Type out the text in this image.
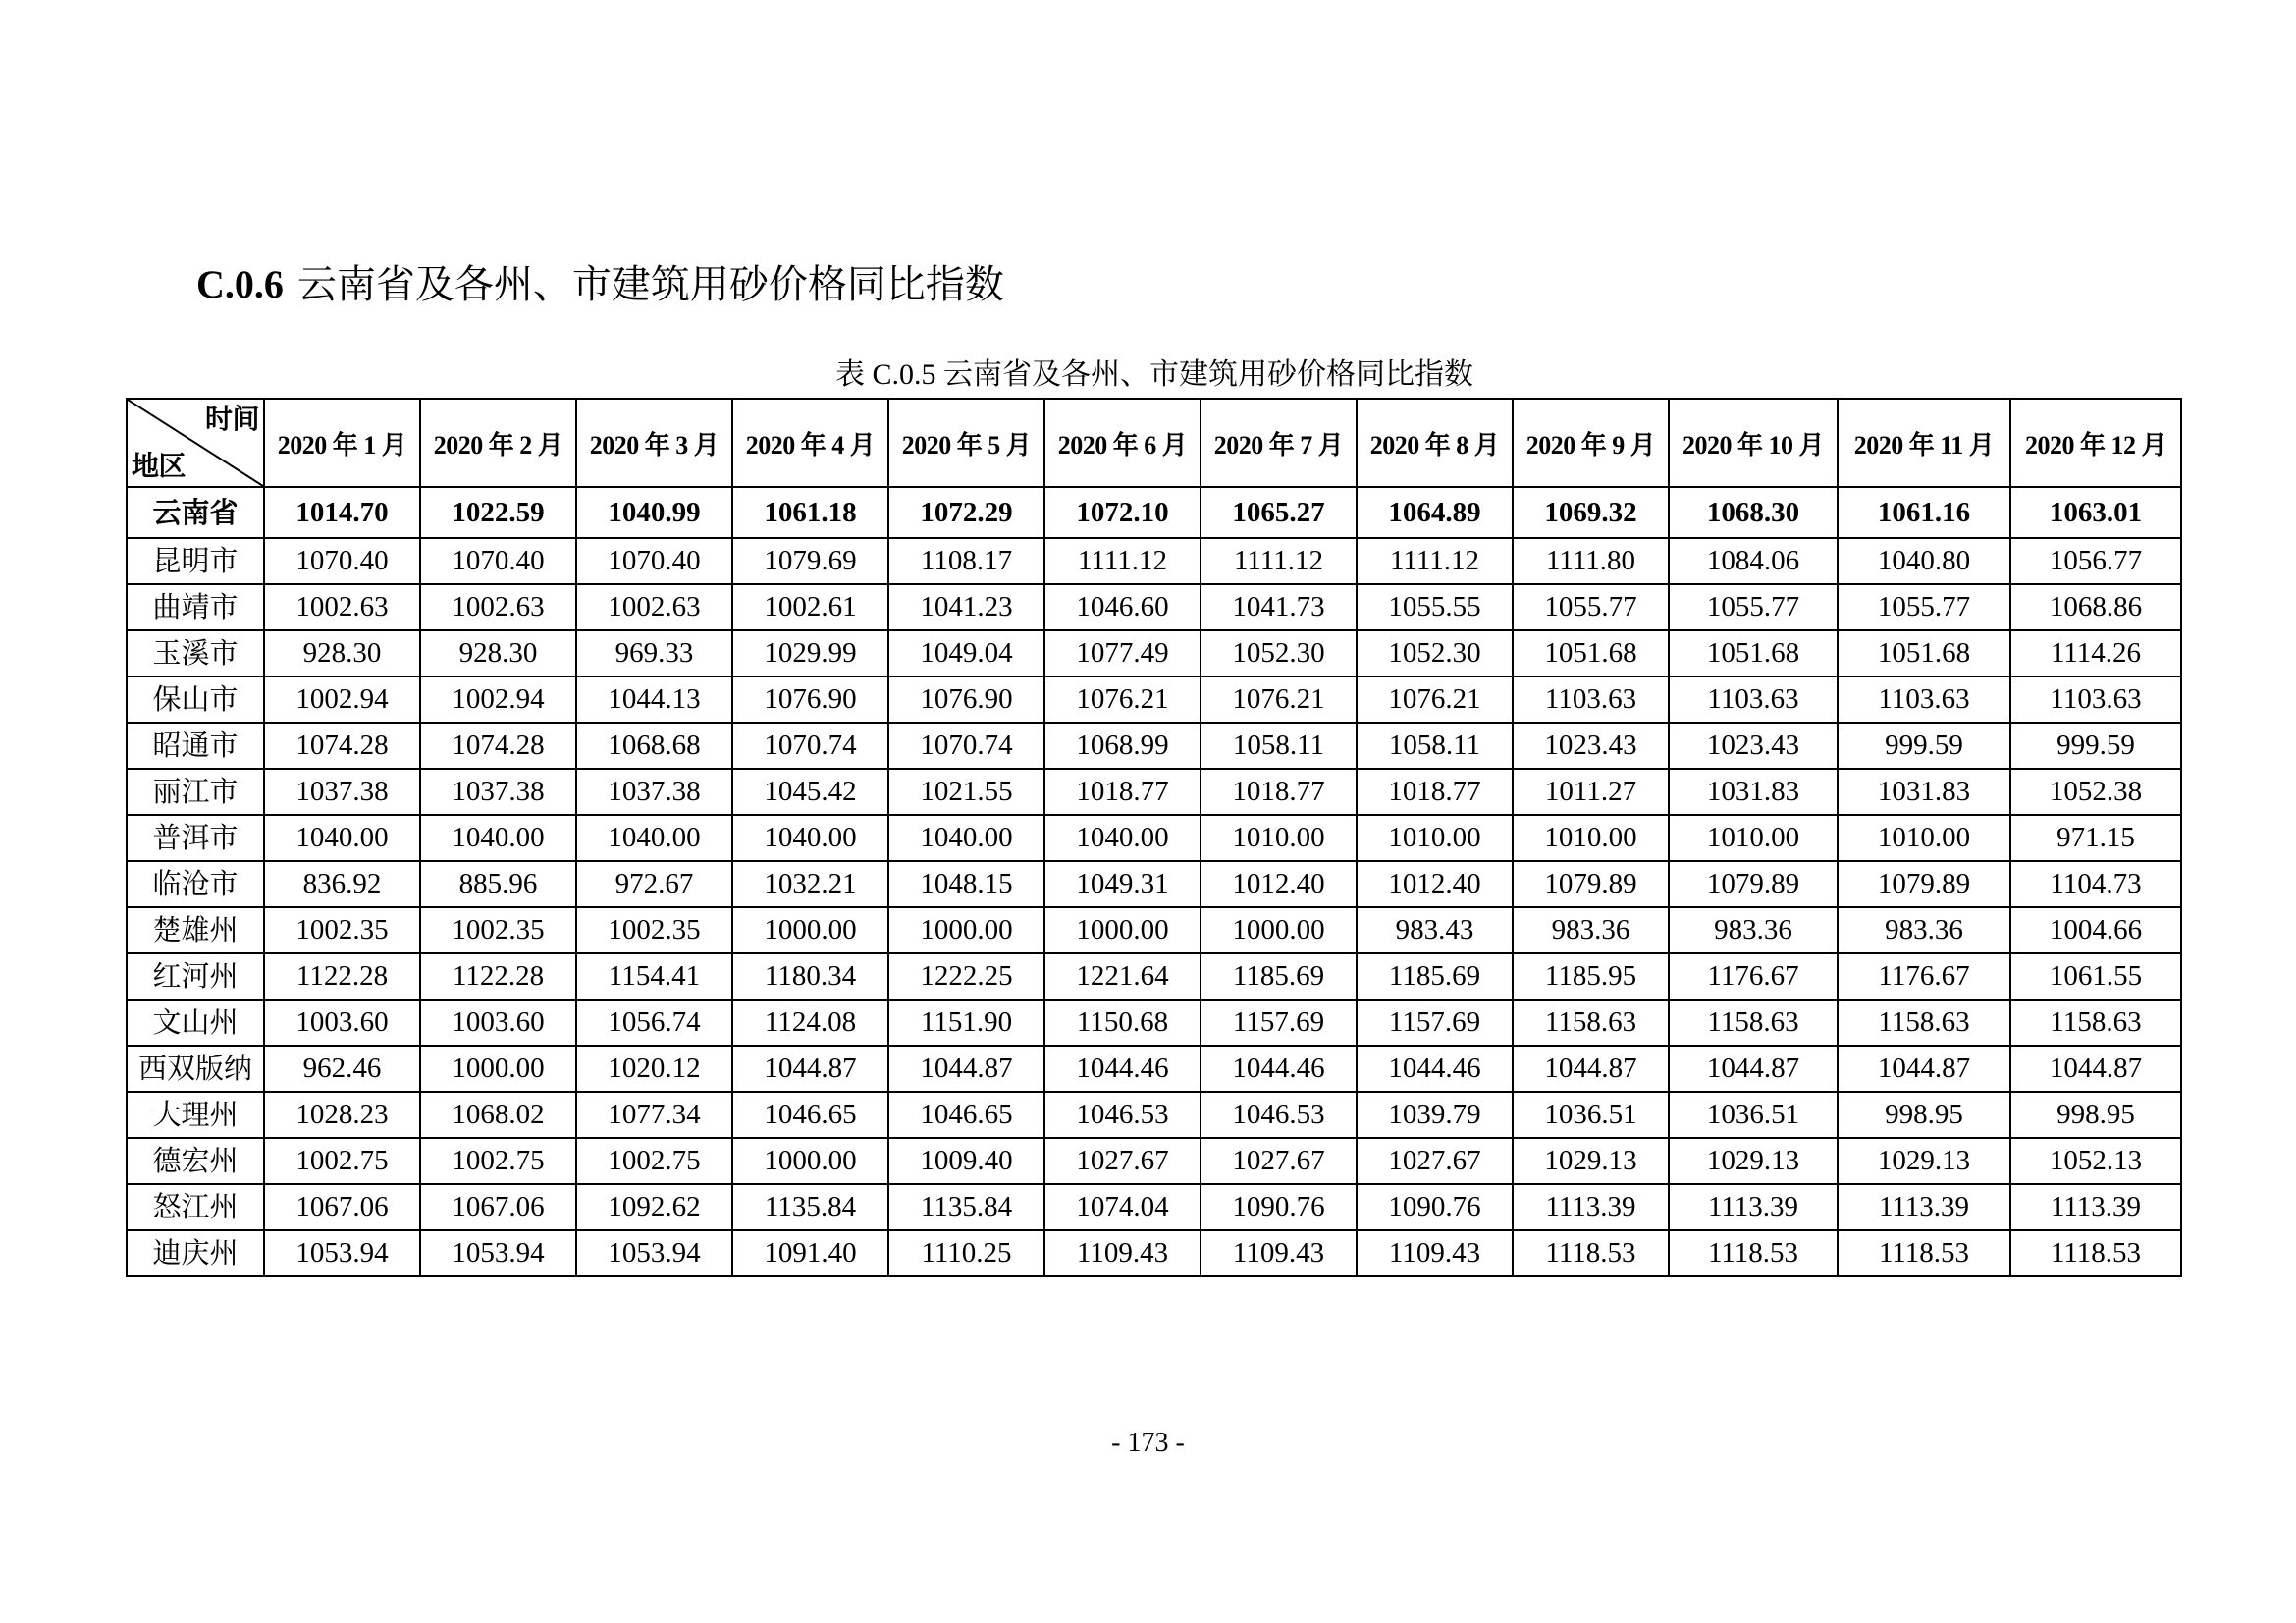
C.0.6 云南省及各州、市建筑用砂价格同比指数
表 C.0.5 云南省及各州、市建筑用砂价格同比指数
时间
地区	2020 年 1 月	2020 年 2 月	2020 年 3 月	2020 年 4 月	2020 年 5 月	2020 年 6 月	2020 年 7 月	2020 年 8 月	2020 年 9 月	2020 年 10 月	2020 年 11 月	2020 年 12 月
云南省	1014.70	1022.59	1040.99	1061.18	1072.29	1072.10	1065.27	1064.89	1069.32	1068.30	1061.16	1063.01
昆明市	1070.40	1070.40	1070.40	1079.69	1108.17	1111.12	1111.12	1111.12	1111.80	1084.06	1040.80	1056.77
曲靖市	1002.63	1002.63	1002.63	1002.61	1041.23	1046.60	1041.73	1055.55	1055.77	1055.77	1055.77	1068.86
玉溪市	928.30	928.30	969.33	1029.99	1049.04	1077.49	1052.30	1052.30	1051.68	1051.68	1051.68	1114.26
保山市	1002.94	1002.94	1044.13	1076.90	1076.90	1076.21	1076.21	1076.21	1103.63	1103.63	1103.63	1103.63
昭通市	1074.28	1074.28	1068.68	1070.74	1070.74	1068.99	1058.11	1058.11	1023.43	1023.43	999.59	999.59
丽江市	1037.38	1037.38	1037.38	1045.42	1021.55	1018.77	1018.77	1018.77	1011.27	1031.83	1031.83	1052.38
普洱市	1040.00	1040.00	1040.00	1040.00	1040.00	1040.00	1010.00	1010.00	1010.00	1010.00	1010.00	971.15
临沧市	836.92	885.96	972.67	1032.21	1048.15	1049.31	1012.40	1012.40	1079.89	1079.89	1079.89	1104.73
楚雄州	1002.35	1002.35	1002.35	1000.00	1000.00	1000.00	1000.00	983.43	983.36	983.36	983.36	1004.66
红河州	1122.28	1122.28	1154.41	1180.34	1222.25	1221.64	1185.69	1185.69	1185.95	1176.67	1176.67	1061.55
文山州	1003.60	1003.60	1056.74	1124.08	1151.90	1150.68	1157.69	1157.69	1158.63	1158.63	1158.63	1158.63
西双版纳	962.46	1000.00	1020.12	1044.87	1044.87	1044.46	1044.46	1044.46	1044.87	1044.87	1044.87	1044.87
大理州	1028.23	1068.02	1077.34	1046.65	1046.65	1046.53	1046.53	1039.79	1036.51	1036.51	998.95	998.95
德宏州	1002.75	1002.75	1002.75	1000.00	1009.40	1027.67	1027.67	1027.67	1029.13	1029.13	1029.13	1052.13
怒江州	1067.06	1067.06	1092.62	1135.84	1135.84	1074.04	1090.76	1090.76	1113.39	1113.39	1113.39	1113.39
迪庆州	1053.94	1053.94	1053.94	1091.40	1110.25	1109.43	1109.43	1109.43	1118.53	1118.53	1118.53	1118.53
- 173 -
